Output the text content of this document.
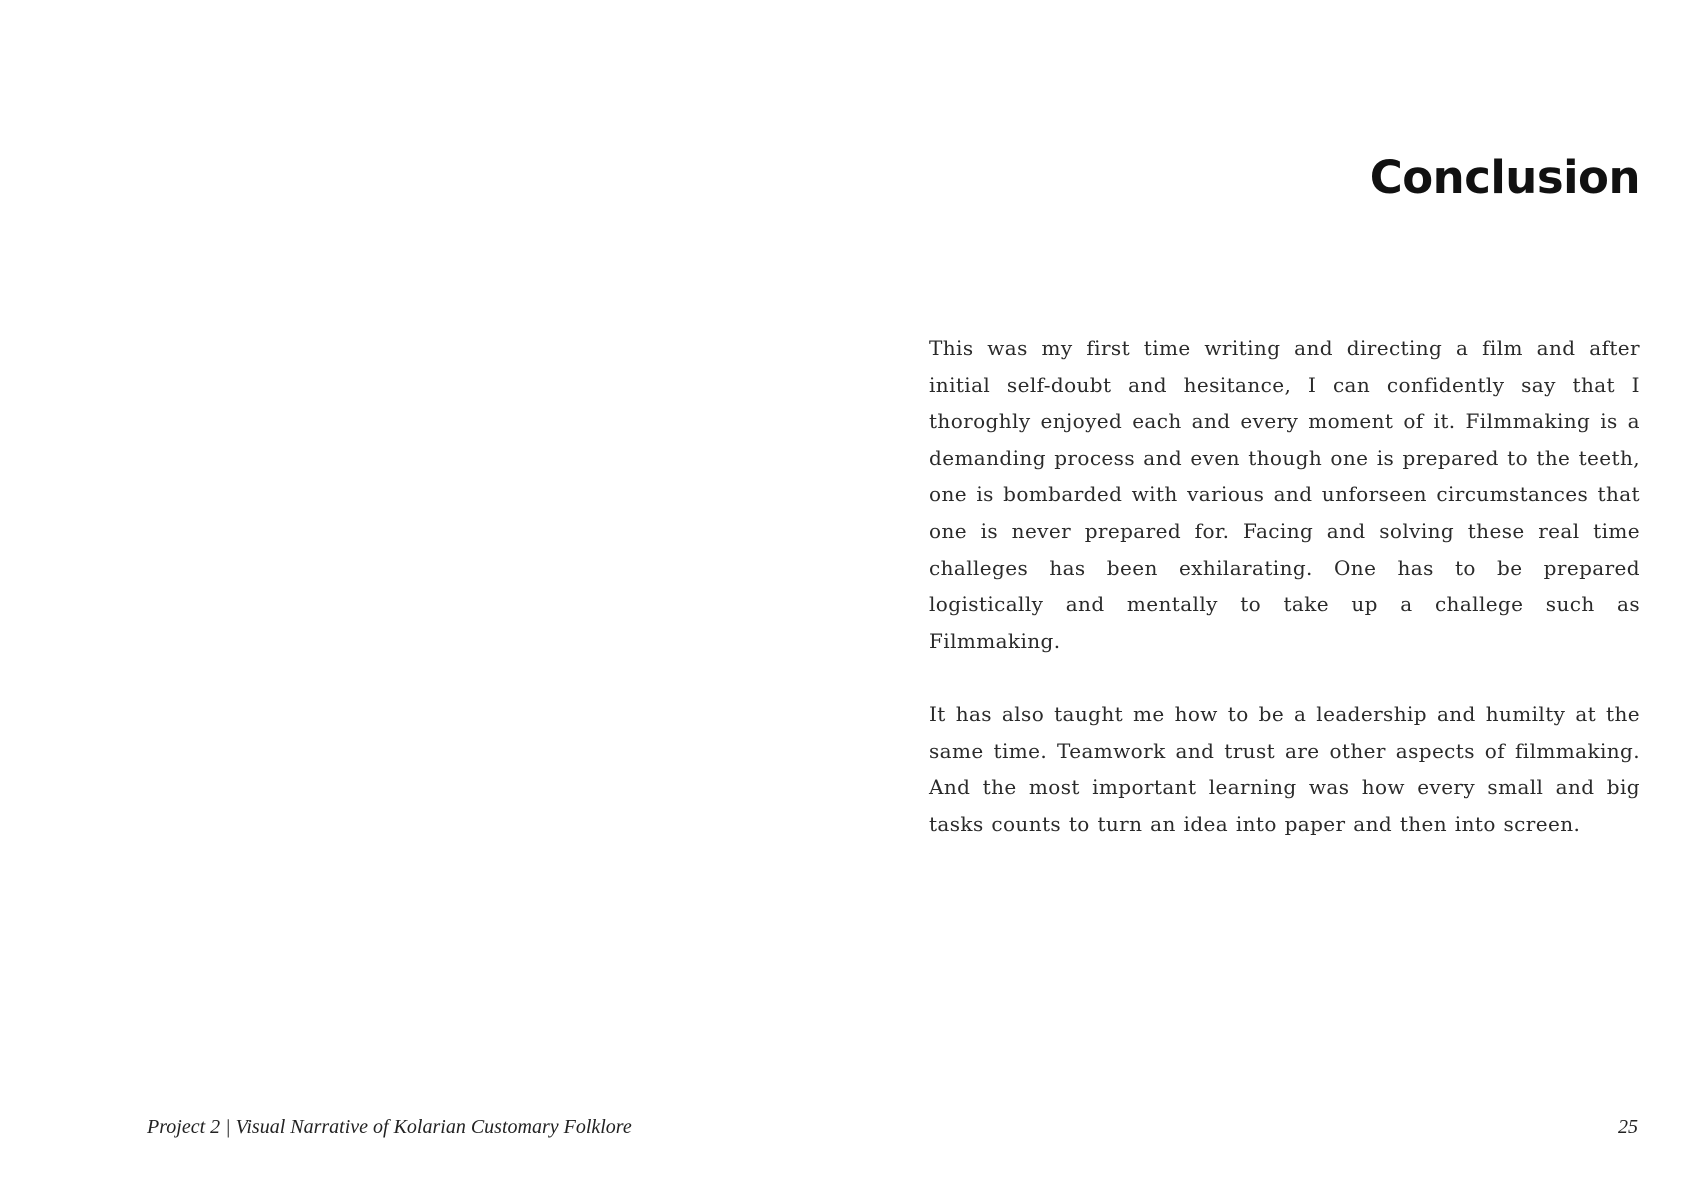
Conclusion

This was my first time writing and directing a film and after initial self-doubt and hesitance, I can confidently say that I thoroghly enjoyed each and every moment of it. Filmmaking is a demanding process and even though one is prepared to the teeth, one is bombarded with various and unforseen circumstances that one is never prepared for. Facing and solving these real time challeges has been exhilarating. One has to be prepared logistically and mentally to take up a challege such as Filmmaking.

It has also taught me how to be a leadership and humilty at the same time. Teamwork and trust are other aspects of filmmaking. And the most important learning was how every small and big tasks counts to turn an idea into paper and then into screen.

Project 2 | Visual Narrative of Kolarian Customary Folklore	25
